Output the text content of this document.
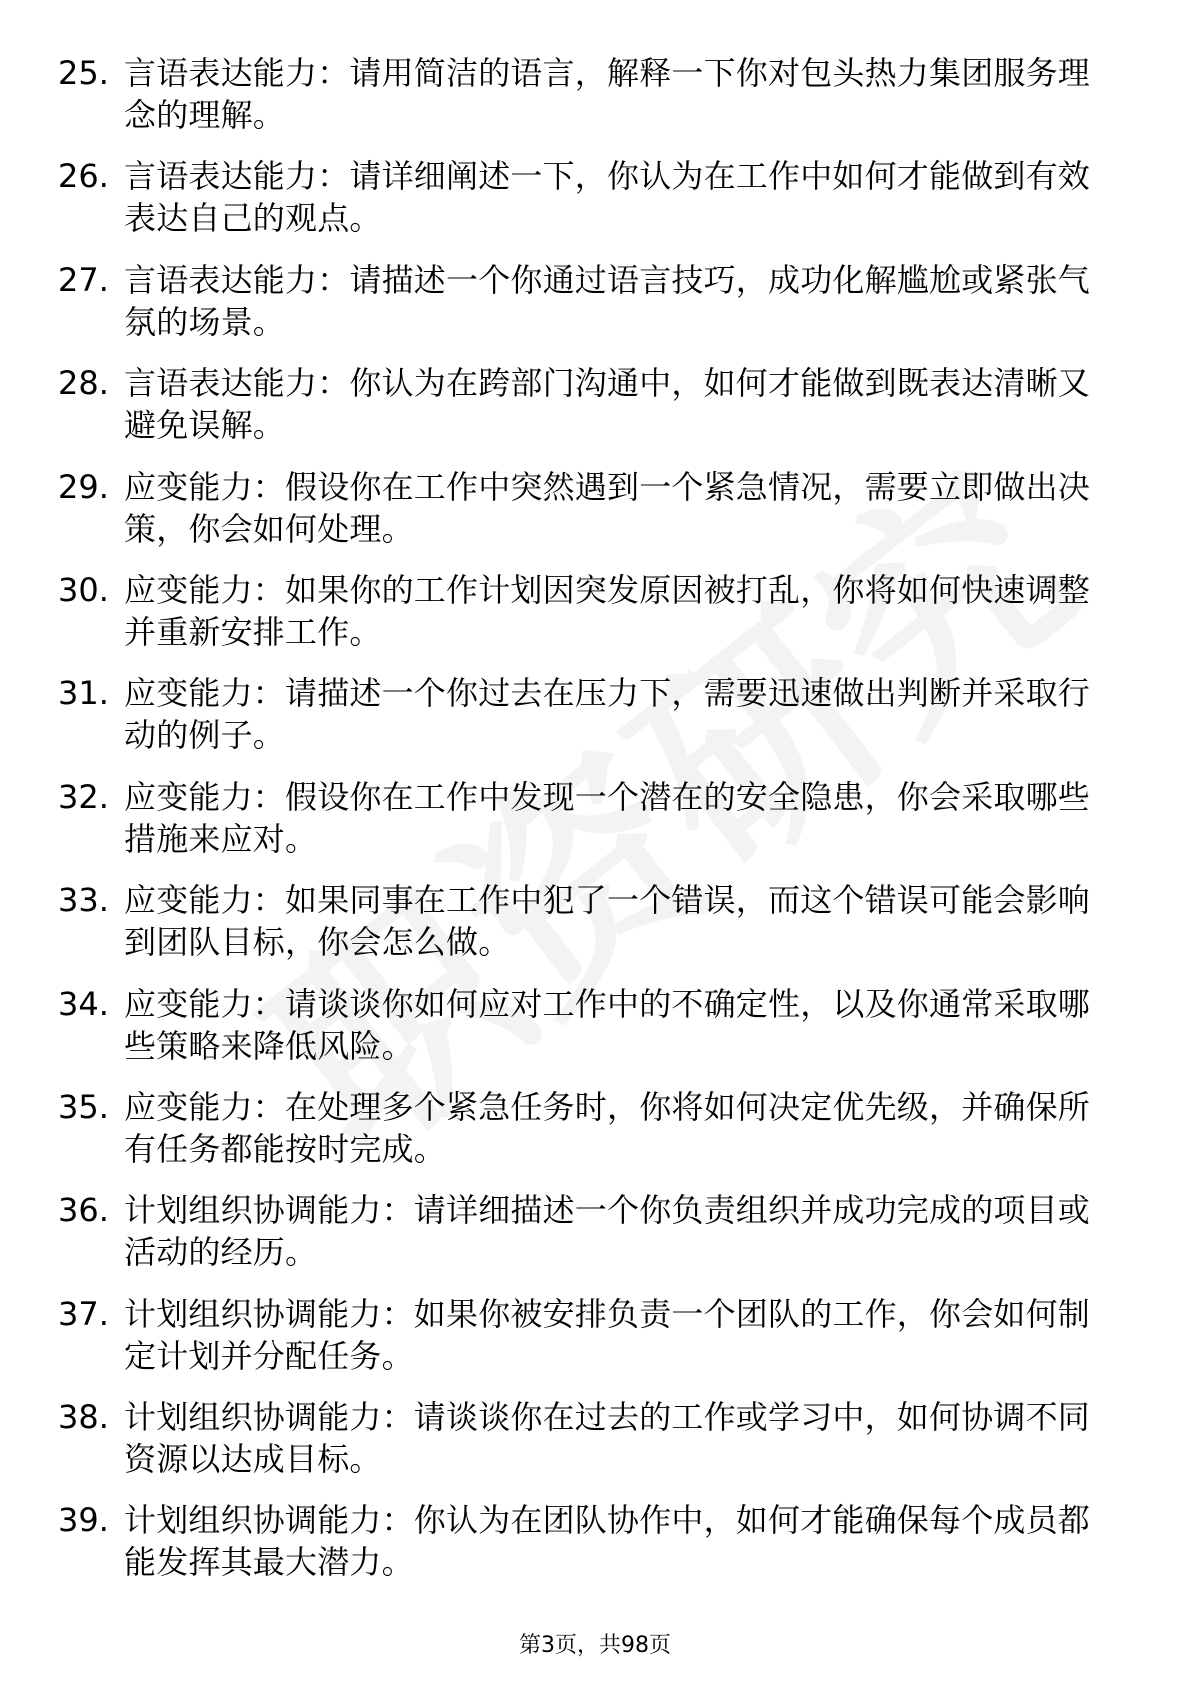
25. 言语表达能力：请用简洁的语言，解释一下你对包头热力集团服务理念的理解。
26. 言语表达能力：请详细阐述一下，你认为在工作中如何才能做到有效表达自己的观点。
27. 言语表达能力：请描述一个你通过语言技巧，成功化解尴尬或紧张气氛的场景。
28. 言语表达能力：你认为在跨部门沟通中，如何才能做到既表达清晰又避免误解。
29. 应变能力：假设你在工作中突然遇到一个紧急情况，需要立即做出决策，你会如何处理。
30. 应变能力：如果你的工作计划因突发原因被打乱，你将如何快速调整并重新安排工作。
31. 应变能力：请描述一个你过去在压力下，需要迅速做出判断并采取行动的例子。
32. 应变能力：假设你在工作中发现一个潜在的安全隐患，你会采取哪些措施来应对。
33. 应变能力：如果同事在工作中犯了一个错误，而这个错误可能会影响到团队目标，你会怎么做。
34. 应变能力：请谈谈你如何应对工作中的不确定性，以及你通常采取哪些策略来降低风险。
35. 应变能力：在处理多个紧急任务时，你将如何决定优先级，并确保所有任务都能按时完成。
36. 计划组织协调能力：请详细描述一个你负责组织并成功完成的项目或活动的经历。
37. 计划组织协调能力：如果你被安排负责一个团队的工作，你会如何制定计划并分配任务。
38. 计划组织协调能力：请谈谈你在过去的工作或学习中，如何协调不同资源以达成目标。
39. 计划组织协调能力：你认为在团队协作中，如何才能确保每个成员都能发挥其最大潜力。
第3页，共98页
